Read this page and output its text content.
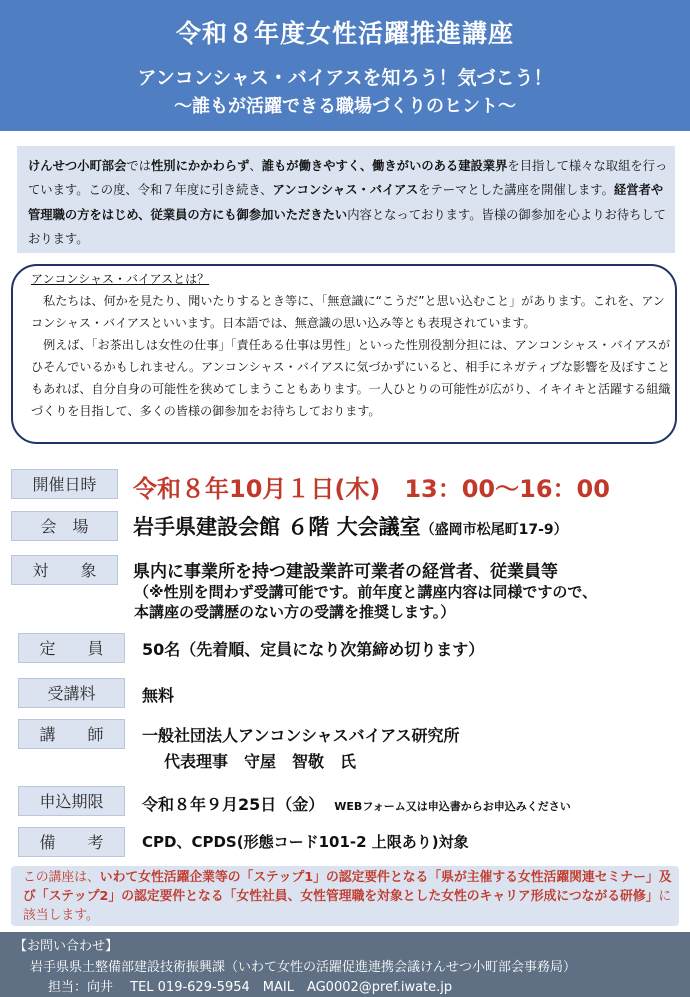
令和８年度女性活躍推進講座
アンコンシャス・バイアスを知ろう！気づこう！
～誰もが活躍できる職場づくりのヒント～

けんせつ小町部会では性別にかかわらず、誰もが働きやすく、働きがいのある建設業界を目指して様々な取組を行っています。この度、令和７年度に引き続き、アンコンシャス・バイアスをテーマとした講座を開催します。経営者や管理職の方をはじめ、従業員の方にも御参加いただきたい内容となっております。皆様の御参加を心よりお待ちしております。

アンコンシャス・バイアスとは？

私たちは、何かを見たり、聞いたりするとき等に、「無意識に“こうだ”と思い込むこと」があります。これを、アンコンシャス・バイアスといいます。日本語では、無意識の思い込み等とも表現されています。

例えば、「お茶出しは女性の仕事」「責任ある仕事は男性」といった性別役割分担には、アンコンシャス・バイアスがひそんでいるかもしれません。アンコンシャス・バイアスに気づかずにいると、相手にネガティブな影響を及ぼすこともあれば、自分自身の可能性を狭めてしまうこともあります。一人ひとりの可能性が広がり、イキイキと活躍する組織づくりを目指して、多くの皆様の御参加をお待ちしております。

開催日時	令和８年10月１日(木)　13：00～16：00
会　場	岩手県建設会館 ６階 大会議室（盛岡市松尾町17-9）
対　　象	県内に事業所を持つ建設業許可業者の経営者、従業員等
（※性別を問わず受講可能です。前年度と講座内容は同様ですので、
本講座の受講歴のない方の受講を推奨します。）
定　　員	50名（先着順、定員になり次第締め切ります）
受講料	無料
講　　師	一般社団法人アンコンシャスバイアス研究所
代表理事　守屋　智敬　氏
申込期限	令和８年９月25日（金） WEBフォーム又は申込書からお申込みください
備　　考	CPD、CPDS(形態コード101-2 上限あり)対象

この講座は、いわて女性活躍企業等の「ステップ1」の認定要件となる「県が主催する女性活躍関連セミナー」及び「ステップ2」の認定要件となる「女性社員、女性管理職を対象とした女性のキャリア形成につながる研修」に該当します。

【お問い合わせ】
岩手県県土整備部建設技術振興課（いわて女性の活躍促進連携会議けんせつ小町部会事務局）
担当：向井　 TEL 019-629-5954　MAIL　AG0002@pref.iwate.jp
